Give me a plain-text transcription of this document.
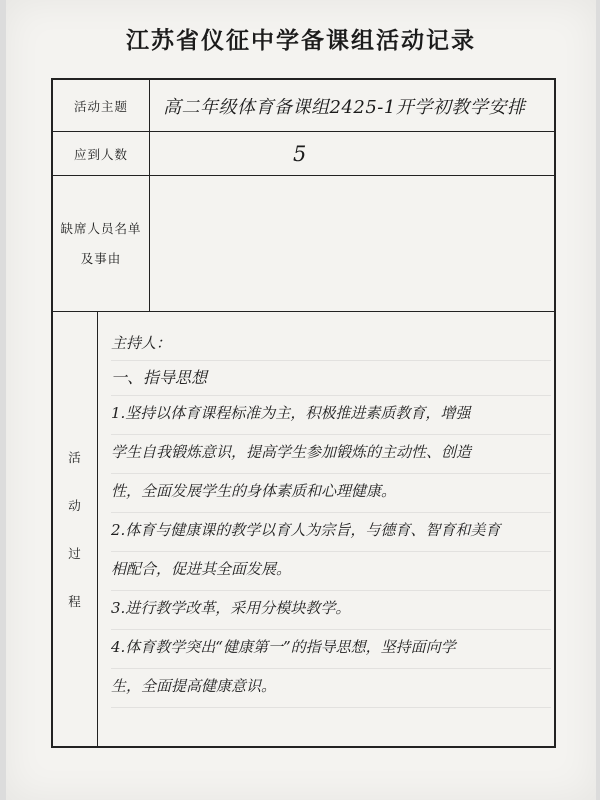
江苏省仪征中学备课组活动记录
活动主题	高二年级体育备课组2425-1开学初教学安排
应到人数	5
缺席人员名单
及事由
活
动
过
程
主持人：
一、指导思想
1.坚持以体育课程标准为主，积极推进素质教育，增强
学生自我锻炼意识，提高学生参加锻炼的主动性、创造
性，全面发展学生的身体素质和心理健康。
2.体育与健康课的教学以育人为宗旨，与德育、智育和美育
相配合，促进其全面发展。
3.进行教学改革，采用分模块教学。
4.体育教学突出“健康第一”的指导思想，坚持面向学
生，全面提高健康意识。
